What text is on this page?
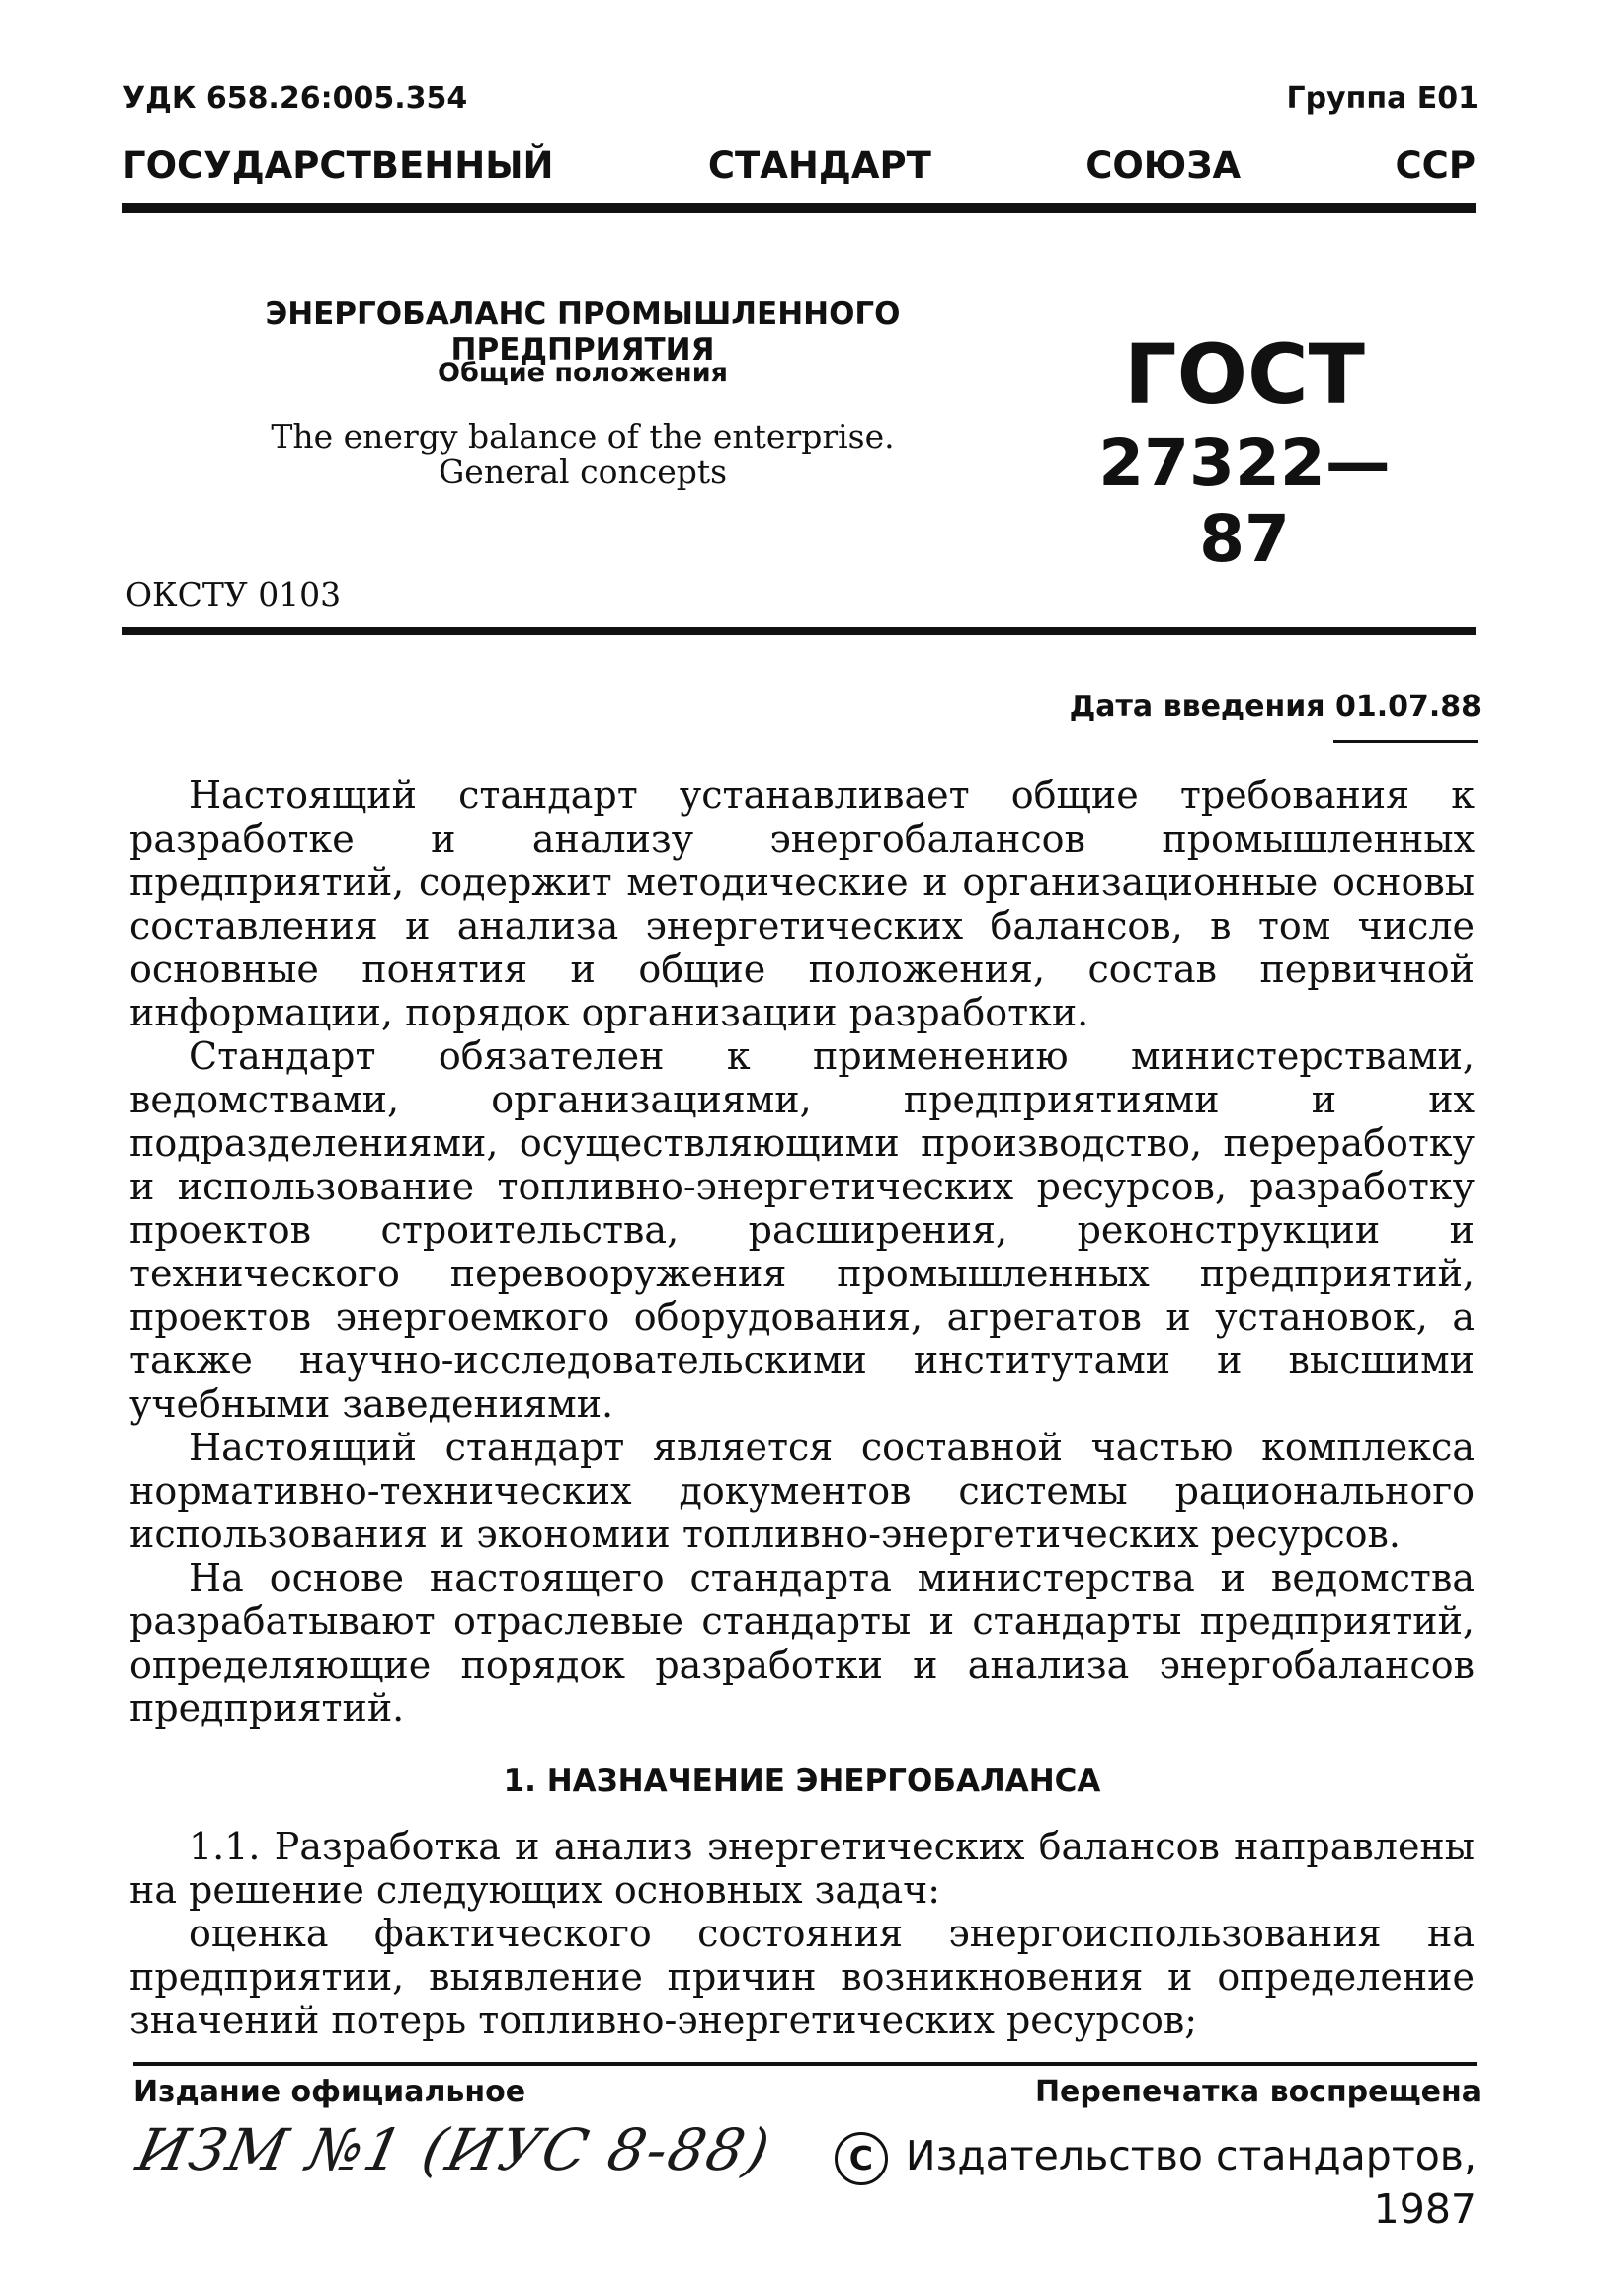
УДК 658.26:005.354	Группа Е01
ГОСУДАРСТВЕННЫЙ	СТАНДАРТ	СОЮЗА	ССР
ЭНЕРГОБАЛАНС ПРОМЫШЛЕННОГО ПРЕДПРИЯТИЯ
Общие положения
The energy balance of the enterprise.
General concepts
ГОСТ
27322—87
ОКСТУ 0103
Дата введения 01.07.88

Настоящий стандарт устанавливает общие требования к разработке и анализу энергобалансов промышленных предприятий, содержит методические и организационные основы составления и анализа энергетических балансов, в том числе основные понятия и общие положения, состав первичной информации, порядок организации разработки.

Стандарт обязателен к применению министерствами, ведомствами, организациями, предприятиями и их подразделениями, осуществляющими производство, переработку и использование топливно-энергетических ресурсов, разработку проектов строительства, расширения, реконструкции и технического перевооружения промышленных предприятий, проектов энергоемкого оборудования, агрегатов и установок, а также научно-исследовательскими институтами и высшими учебными заведениями.

Настоящий стандарт является составной частью комплекса нормативно-технических документов системы рационального использования и экономии топливно-энергетических ресурсов.

На основе настоящего стандарта министерства и ведомства разрабатывают отраслевые стандарты и стандарты предприятий, определяющие порядок разработки и анализа энергобалансов предприятий.

1. НАЗНАЧЕНИЕ ЭНЕРГОБАЛАНСА

1.1. Разработка и анализ энергетических балансов направлены на решение следующих основных задач:

оценка фактического состояния энергоиспользования на предприятии, выявление причин возникновения и определение значений потерь топливно-энергетических ресурсов;

Издание официальное	Перепечатка воспрещена
ИЗМ №1 (ИУС 8-88)	C Издательство стандартов, 1987
